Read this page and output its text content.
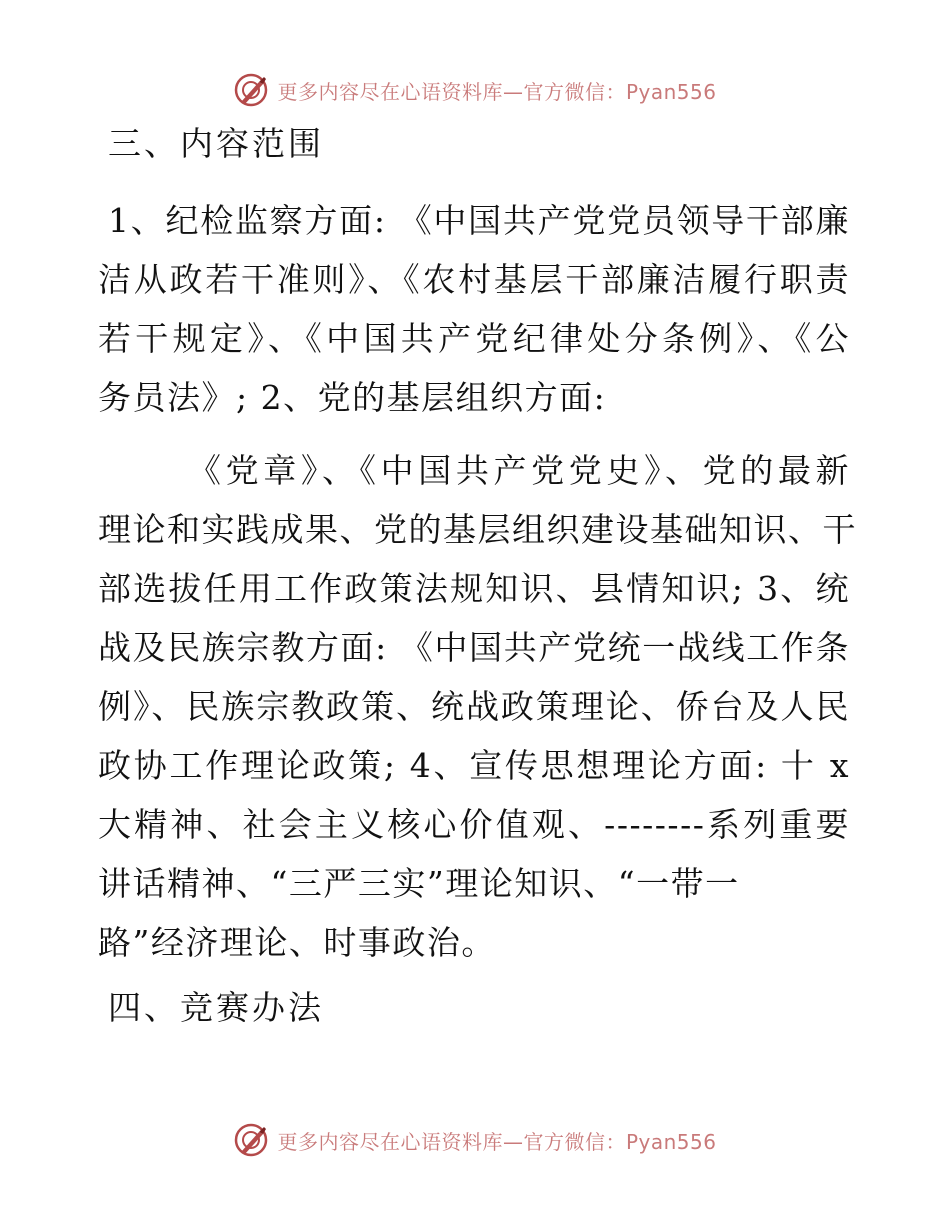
更多内容尽在心语资料库—官方微信：Pyan556
三、内容范围
1、纪检监察方面: 《中国共产党党员领导干部廉
洁从政若干准则》、《农村基层干部廉洁履行职责
若干规定》、《中国共产党纪律处分条例》、《公
务员法》; 2、党的基层组织方面:
《党章》、《中国共产党党史》、党的最新
理论和实践成果、党的基层组织建设基础知识、干
部选拔任用工作政策法规知识、县情知识; 3、统
战及民族宗教方面: 《中国共产党统一战线工作条
例》、民族宗教政策、统战政策理论、侨台及人民
政协工作理论政策; 4、宣传思想理论方面: 十 x
大精神、社会主义核心价值观、--------系列重要
讲话精神、“三严三实”理论知识、“一带一
路”经济理论、时事政治。
四、竞赛办法
更多内容尽在心语资料库—官方微信：Pyan556
